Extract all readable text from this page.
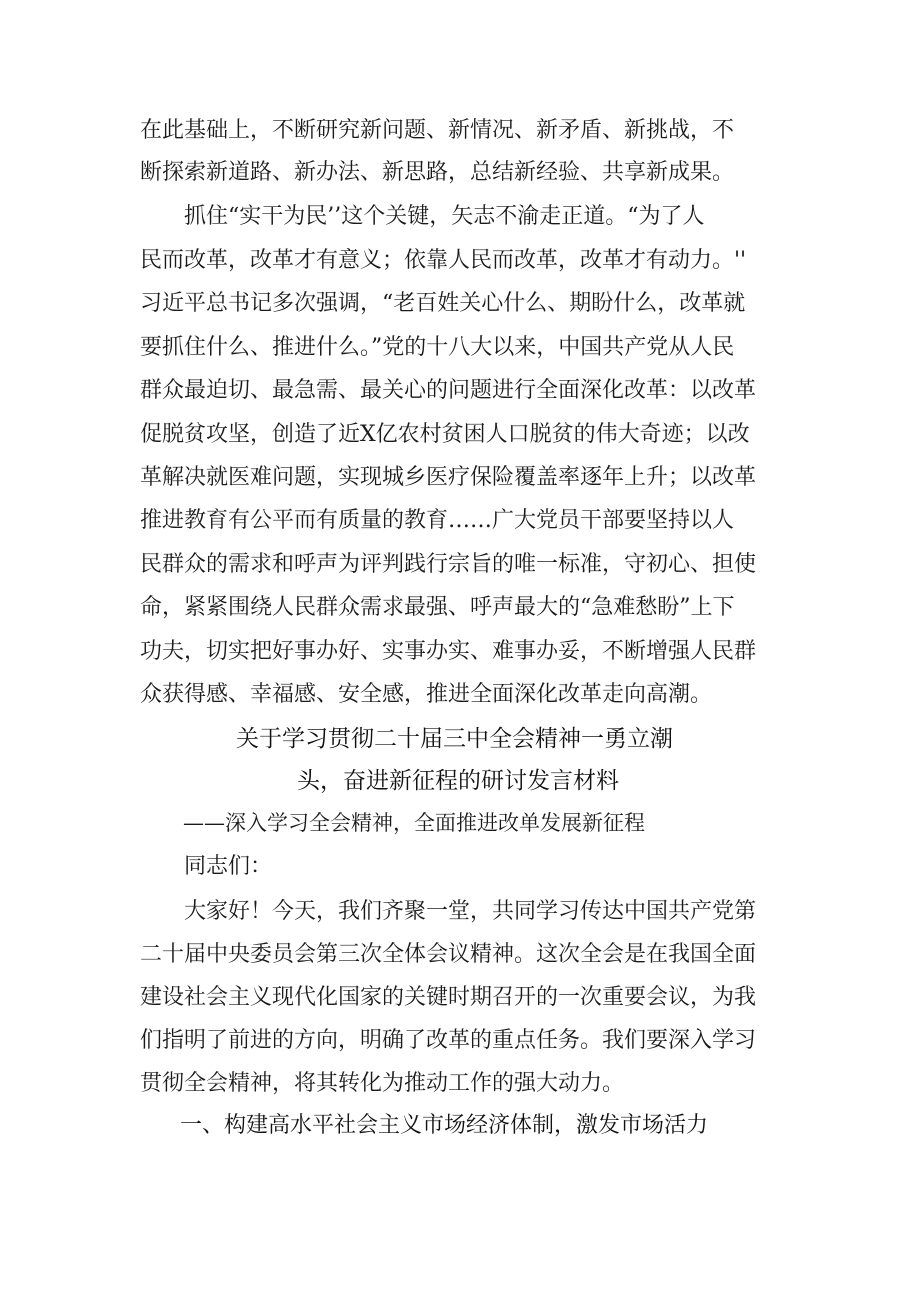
在此基础上，不断研究新问题、新情况、新矛盾、新挑战，不
断探索新道路、新办法、新思路，总结新经验、共享新成果。
抓住“实干为民’’这个关键，矢志不渝走正道。“为了人
民而改革，改革才有意义；依靠人民而改革，改革才有动力。''
习近平总书记多次强调，“老百姓关心什么、期盼什么，改革就
要抓住什么、推进什么。”党的十八大以来，中国共产党从人民
群众最迫切、最急需、最关心的问题进行全面深化改革：以改革
促脱贫攻坚，创造了近X亿农村贫困人口脱贫的伟大奇迹；以改
革解决就医难问题，实现城乡医疗保险覆盖率逐年上升；以改革
推进教育有公平而有质量的教育……广大党员干部要坚持以人
民群众的需求和呼声为评判践行宗旨的唯一标准，守初心、担使
命，紧紧围绕人民群众需求最强、呼声最大的“急难愁盼”上下
功夫，切实把好事办好、实事办实、难事办妥，不断增强人民群
众获得感、幸福感、安全感，推进全面深化改革走向高潮。
关于学习贯彻二十届三中全会精神一勇立潮
头，奋进新征程的研讨发言材料
——深入学习全会精神，全面推进改单发展新征程
同志们：
大家好！今天，我们齐聚一堂，共同学习传达中国共产党第
二十届中央委员会第三次全体会议精神。这次全会是在我国全面
建设社会主义现代化国家的关键时期召开的一次重要会议，为我
们指明了前进的方向，明确了改革的重点任务。我们要深入学习
贯彻全会精神，将其转化为推动工作的强大动力。
一、构建高水平社会主义市场经济体制，激发市场活力
